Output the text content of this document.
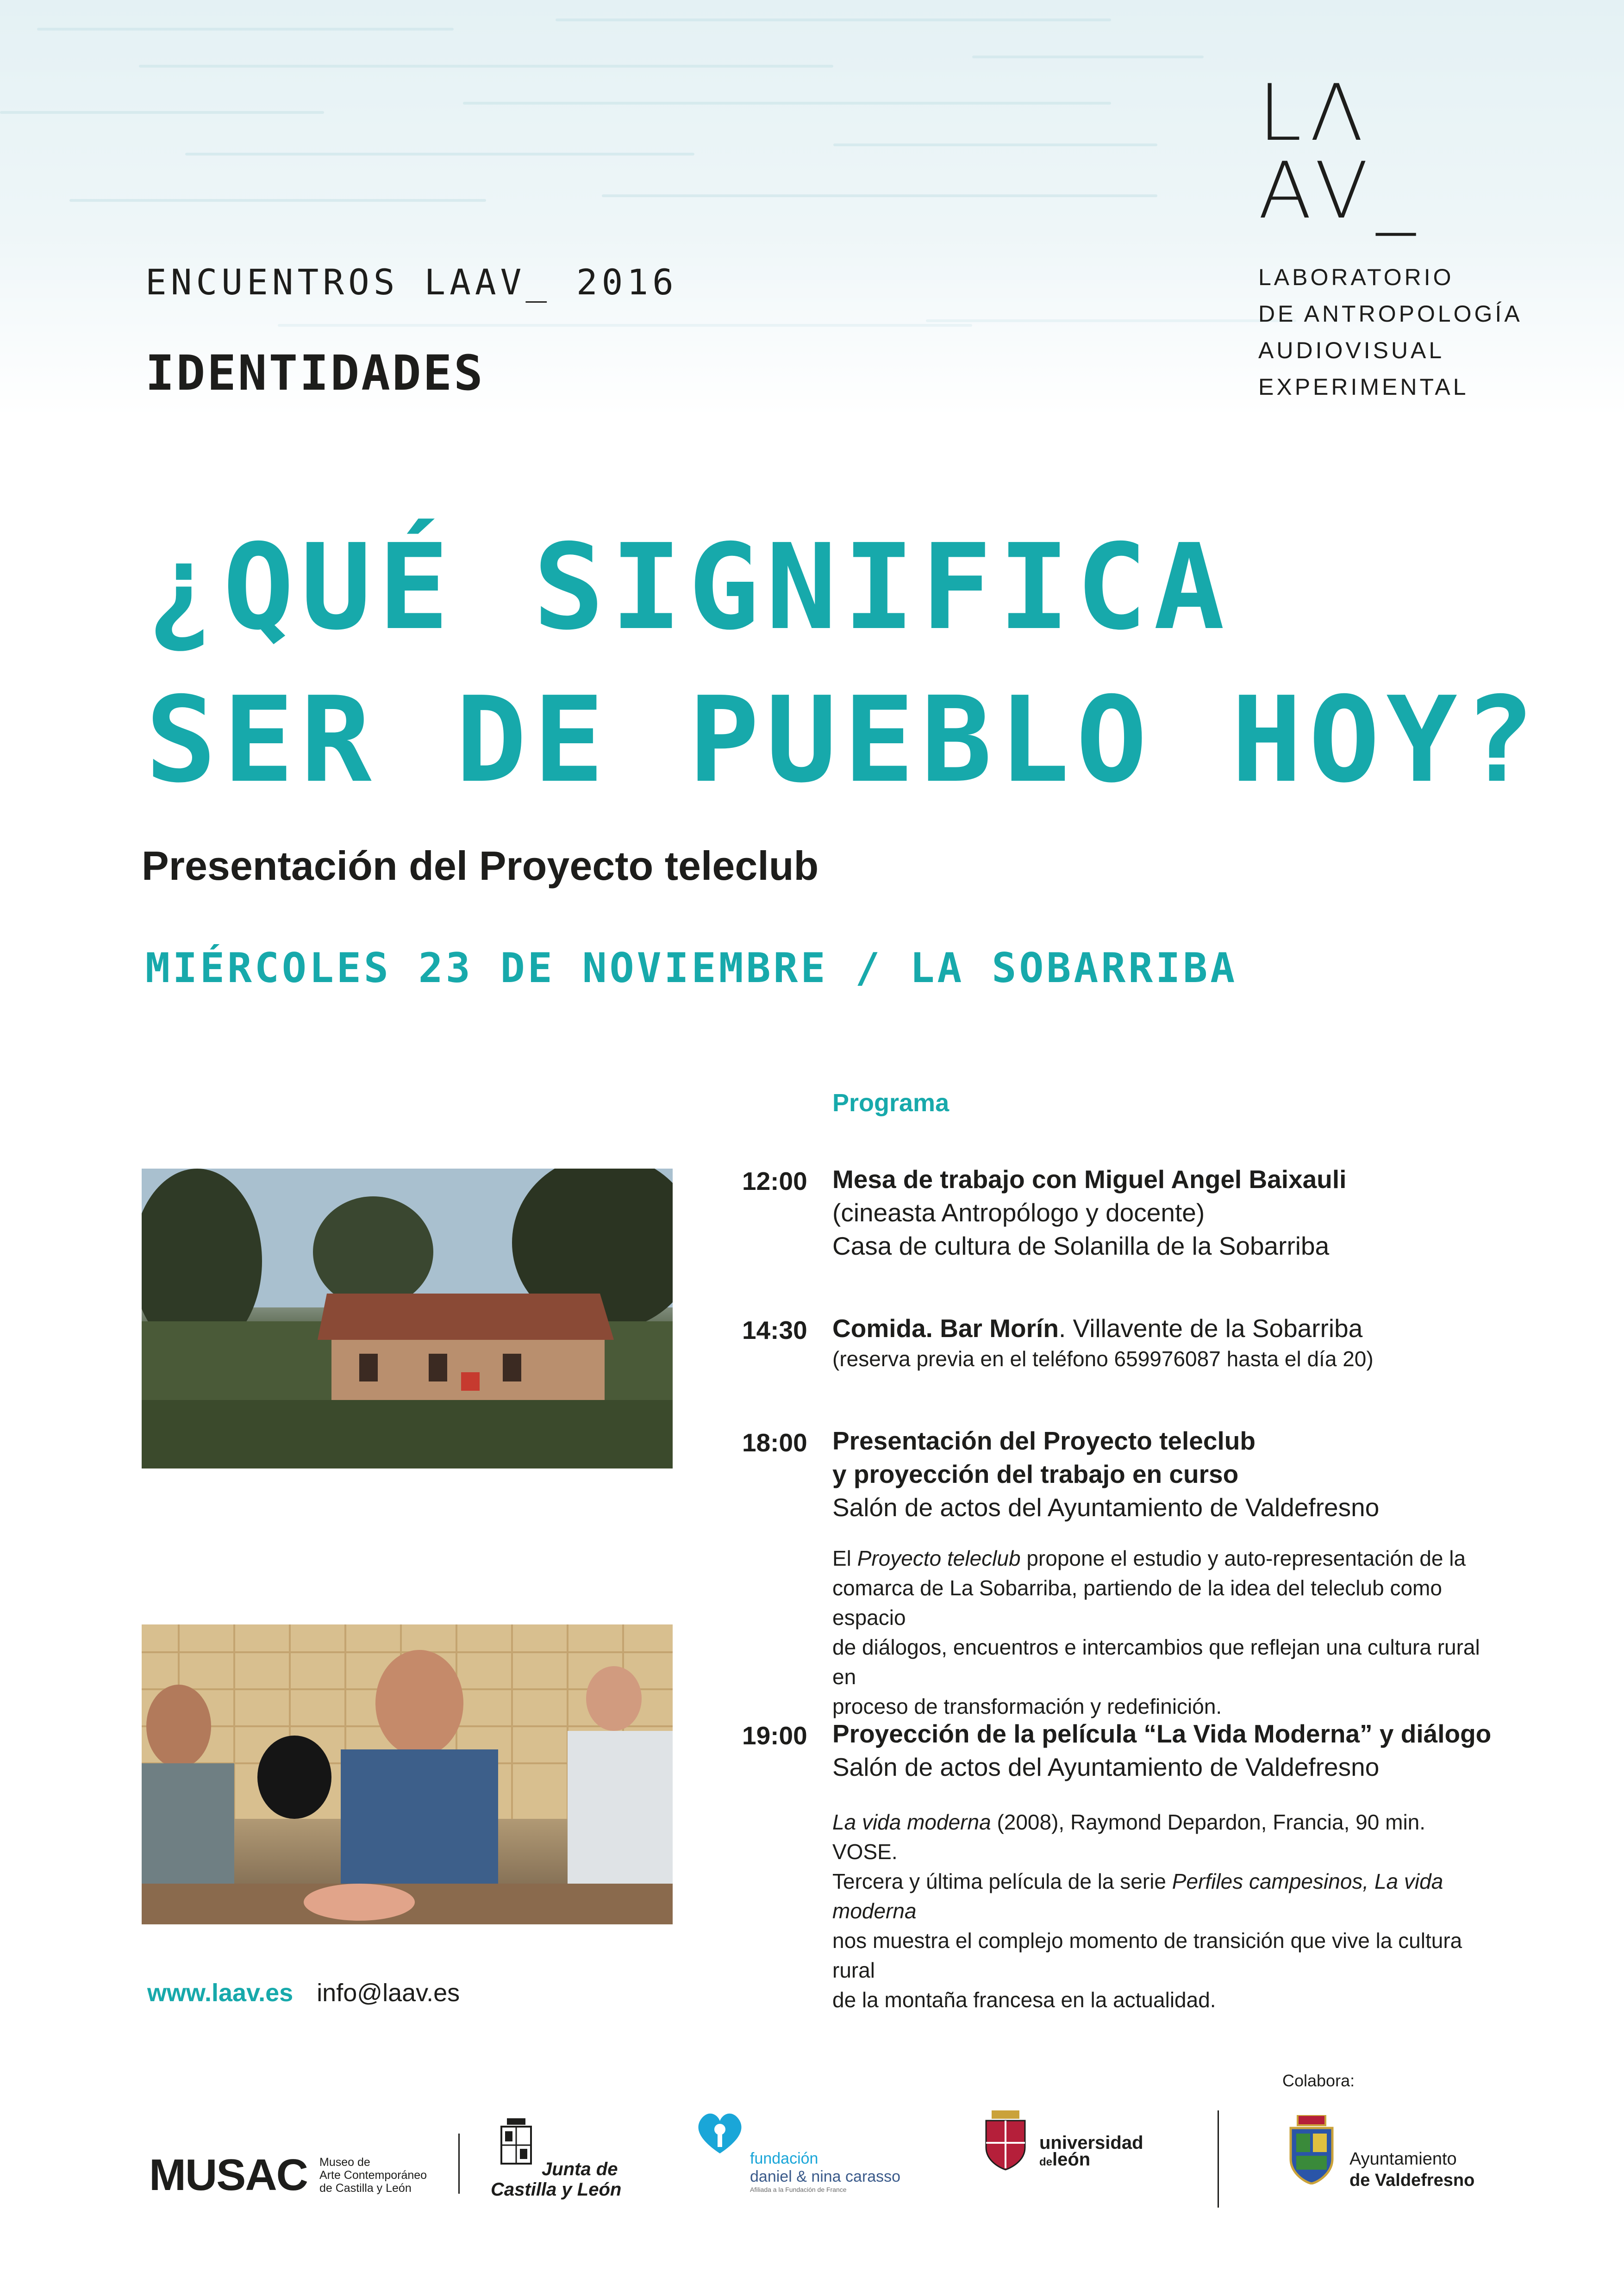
LΛ
AV_
LABORATORIO
DE ANTROPOLOGÍA
AUDIOVISUAL
EXPERIMENTAL
ENCUENTROS LAAV_ 2016
IDENTIDADES
¿QUÉ SIGNIFICA
SER DE PUEBLO HOY?
Presentación del Proyecto teleclub
MIÉRCOLES 23 DE NOVIEMBRE / LA SOBARRIBA
Programa
12:00 Mesa de trabajo con Miguel Angel Baixauli
(cineasta Antropólogo y docente)
Casa de cultura de Solanilla de la Sobarriba
14:30 Comida. Bar Morín. Villavente de la Sobarriba
(reserva previa en el teléfono 659976087 hasta el día 20)
18:00 Presentación del Proyecto teleclub
y proyección del trabajo en curso
Salón de actos del Ayuntamiento de Valdefresno
El Proyecto teleclub propone el estudio y auto-representación de la
comarca de La Sobarriba, partiendo de la idea del teleclub como espacio
de diálogos, encuentros e intercambios que reflejan una cultura rural en
proceso de transformación y redefinición.
19:00 Proyección de la película “La Vida Moderna” y diálogo
Salón de actos del Ayuntamiento de Valdefresno
La vida moderna (2008), Raymond Depardon, Francia, 90 min. VOSE.
Tercera y última película de la serie Perfiles campesinos, La vida moderna
nos muestra el complejo momento de transición que vive la cultura rural
de la montaña francesa en la actualidad.
www.laav.es info@laav.es
Colabora:
MUSAC Museo de
Arte Contemporáneo
de Castilla y León
Junta de
Castilla y León
fundación
daniel & nina carasso
Afiliada a la Fundación de France
universidad
deleón	Ayuntamiento
de Valdefresno
